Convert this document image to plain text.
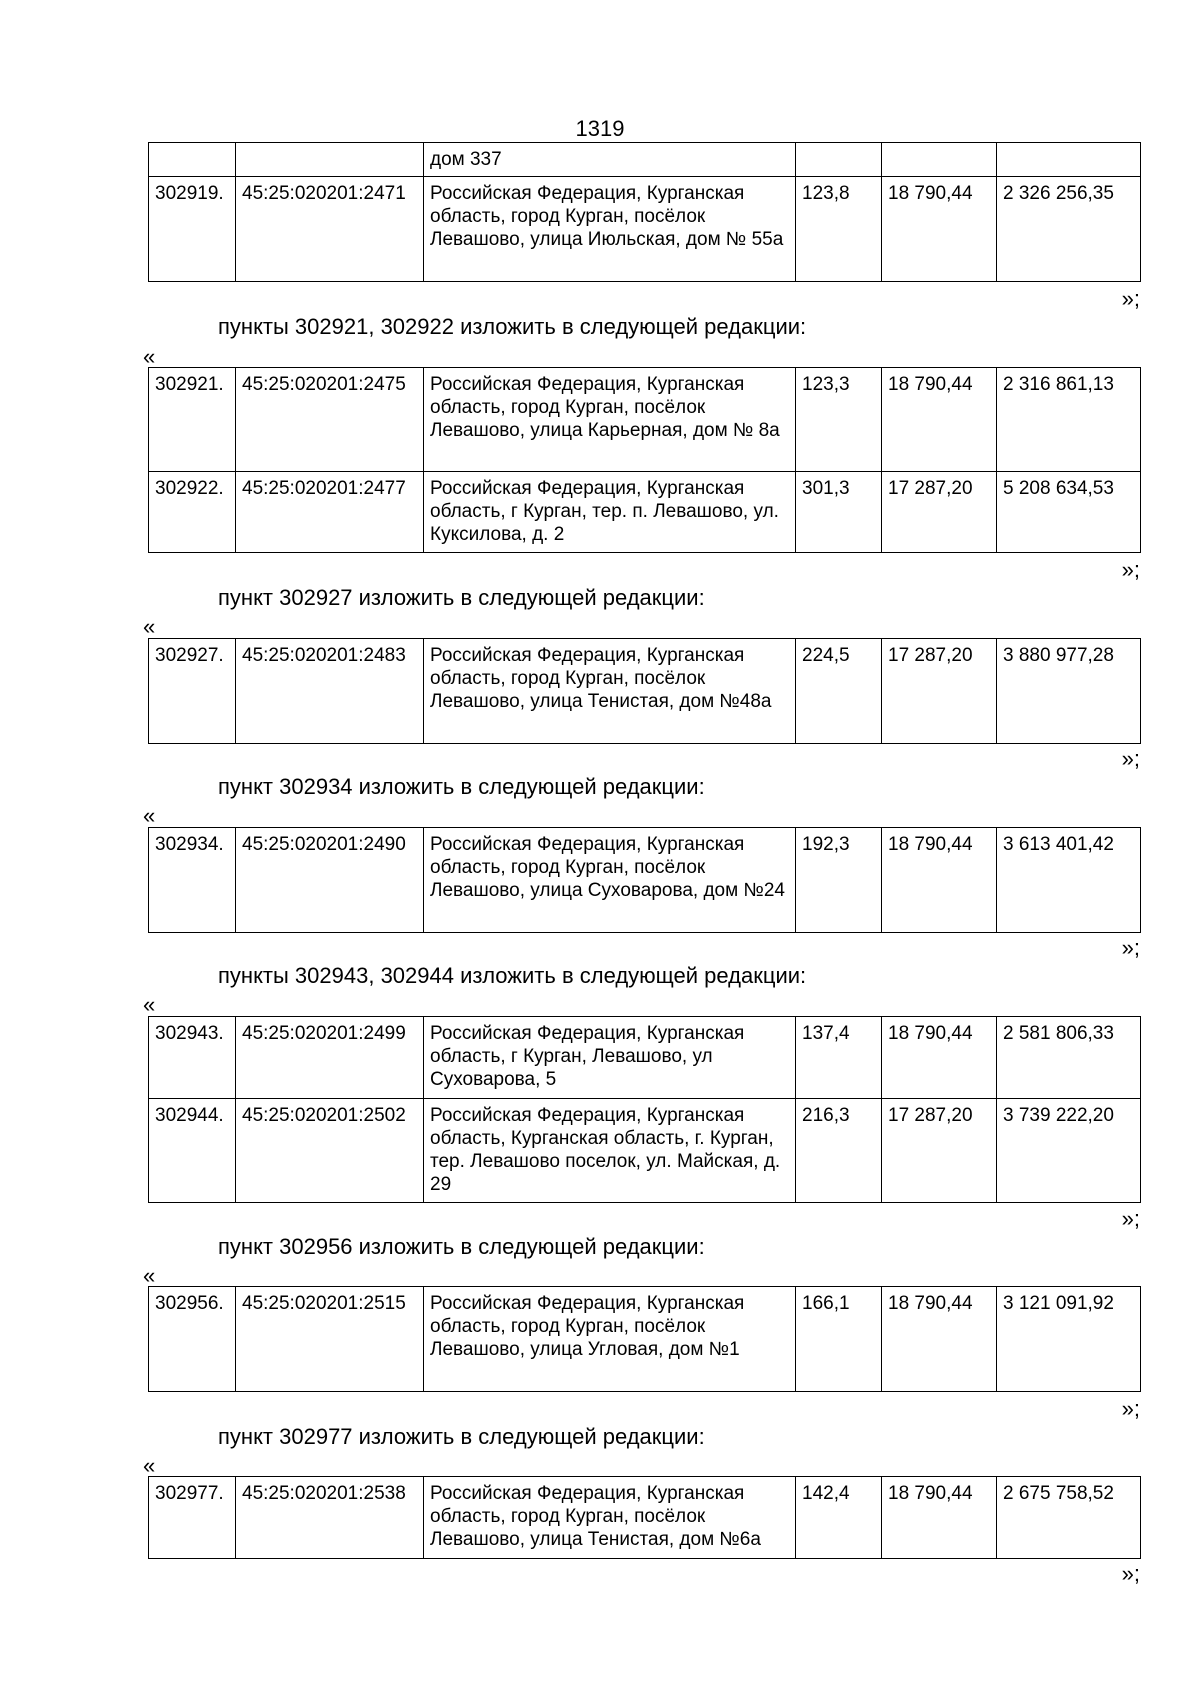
1319
		дом 337			
302919.	45:25:020201:2471	Российская Федерация, Курганская область, город Курган, посёлок Левашово, улица Июльская, дом № 55а	123,8	18 790,44	2 326 256,35
»;
пункты 302921, 302922 изложить в следующей редакции:
«
302921.	45:25:020201:2475	Российская Федерация, Курганская область, город Курган, посёлок Левашово, улица Карьерная, дом № 8а	123,3	18 790,44	2 316 861,13
302922.	45:25:020201:2477	Российская Федерация, Курганская область, г Курган, тер. п. Левашово, ул. Куксилова, д. 2	301,3	17 287,20	5 208 634,53
»;
пункт 302927 изложить в следующей редакции:
«
302927.	45:25:020201:2483	Российская Федерация, Курганская область, город Курган, посёлок Левашово, улица Тенистая, дом №48а	224,5	17 287,20	3 880 977,28
»;
пункт 302934 изложить в следующей редакции:
«
302934.	45:25:020201:2490	Российская Федерация, Курганская область, город Курган, посёлок Левашово, улица Суховарова, дом №24	192,3	18 790,44	3 613 401,42
»;
пункты 302943, 302944 изложить в следующей редакции:
«
302943.	45:25:020201:2499	Российская Федерация, Курганская область, г Курган, Левашово, ул Суховарова, 5	137,4	18 790,44	2 581 806,33
302944.	45:25:020201:2502	Российская Федерация, Курганская область, Курганская область, г. Курган, тер. Левашово поселок, ул. Майская, д. 29	216,3	17 287,20	3 739 222,20
»;
пункт 302956 изложить в следующей редакции:
«
302956.	45:25:020201:2515	Российская Федерация, Курганская область, город Курган, посёлок Левашово, улица Угловая, дом №1	166,1	18 790,44	3 121 091,92
»;
пункт 302977 изложить в следующей редакции:
«
302977.	45:25:020201:2538	Российская Федерация, Курганская область, город Курган, посёлок Левашово, улица Тенистая, дом №6а	142,4	18 790,44	2 675 758,52
»;
